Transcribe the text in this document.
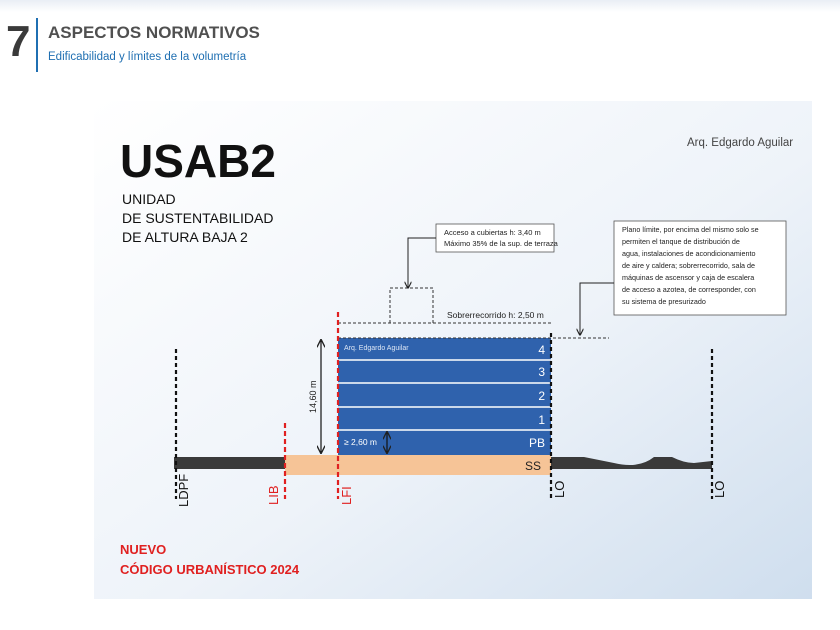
7 ASPECTOS NORMATIVOS
Edificabilidad y límites de la volumetría
USAB2
UNIDAD
DE SUSTENTABILIDAD
DE ALTURA BAJA 2
Arq. Edgardo Aguilar
SS
4
3
2
1
PB
Arq. Edgardo Aguilar
Sobrerrecorrido h: 2,50 m
Acceso a cubiertas h: 3,40 m
Máximo 35% de la sup. de terraza
Plano límite, por encima del mismo solo se
permiten el tanque de distribución de
agua, instalaciones de acondicionamiento
de aire y caldera; sobrerrecorrido, sala de
máquinas de ascensor y caja de escalera
de acceso a azotea, de corresponder, con
su sistema de presurizado
14,60 m
≥ 2,60 m
LDPF	LIB	LFI	LO	LO
NUEVO
CÓDIGO URBANÍSTICO 2024
